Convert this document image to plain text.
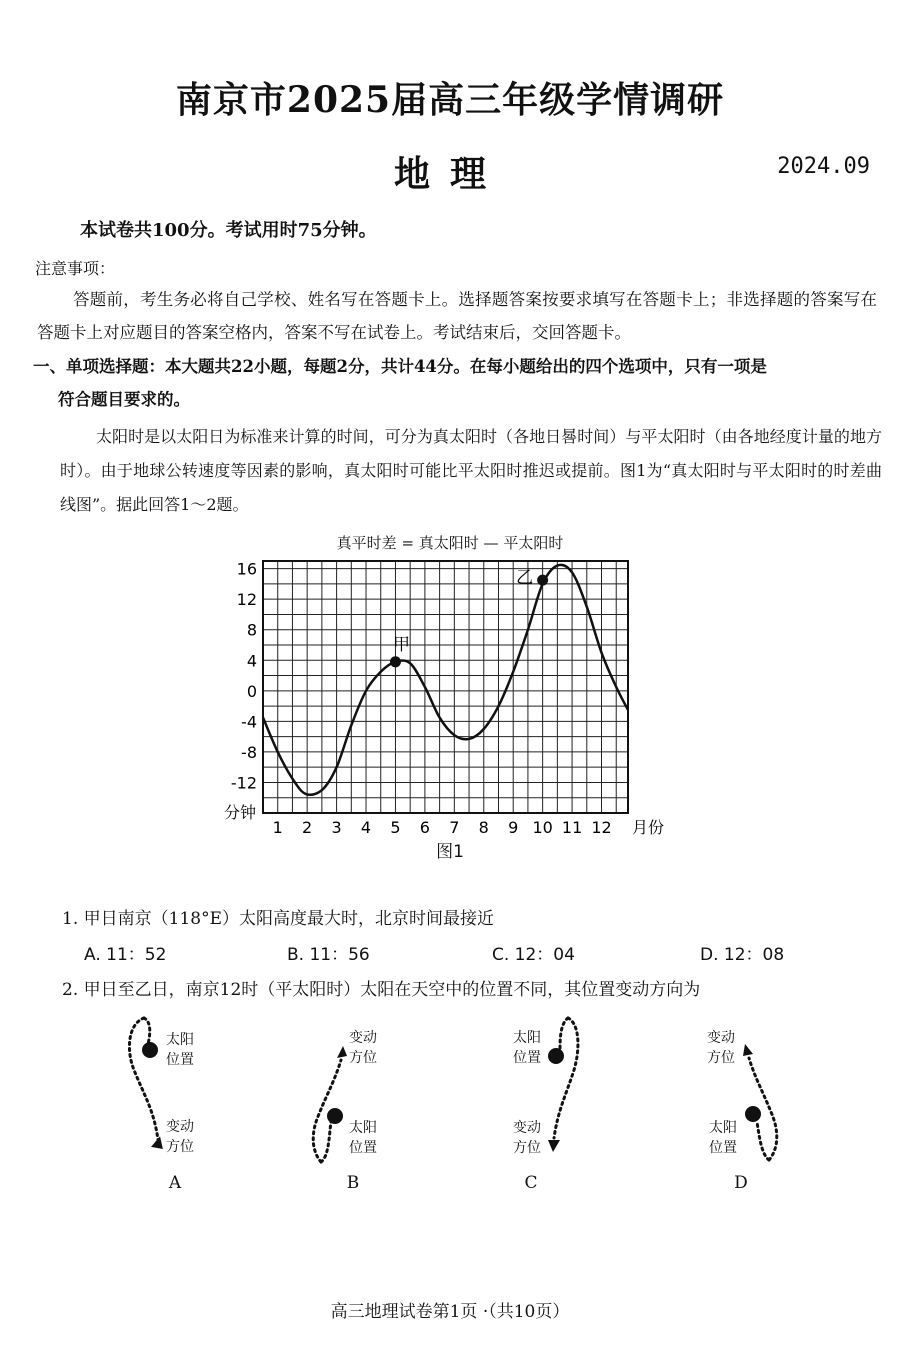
南京市2025届高三年级学情调研
地理	2024.09
本试卷共100分。考试用时75分钟。
注意事项：
答题前，考生务必将自己学校、姓名写在答题卡上。选择题答案按要求填写在答题卡上；非选择题的答案写在答题卡上对应题目的答案空格内，答案不写在试卷上。考试结束后，交回答题卡。
一、单项选择题：本大题共22小题，每题2分，共计44分。在每小题给出的四个选项中，只有一项是
符合题目要求的。
太阳时是以太阳日为标准来计算的时间，可分为真太阳时（各地日晷时间）与平太阳时（由各地经度计量的地方时）。由于地球公转速度等因素的影响，真太阳时可能比平太阳时推迟或提前。图1为“真太阳时与平太阳时的时差曲线图”。据此回答1～2题。
真平时差 = 真太阳时 — 平太阳时
16
12
8
4
0
-4
-8
-12
1 2 3 4 5 6 7 8 9 10 11 12
分钟
月份
甲
乙
图1
1. 甲日南京（118°E）太阳高度最大时，北京时间最接近
A. 11：52	B. 11：56	C. 12：04	D. 12：08
2. 甲日至乙日，南京12时（平太阳时）太阳在天空中的位置不同，其位置变动方向为
太阳
位置
变动
方位
A
变动
方位
太阳
位置
B
太阳
位置
变动
方位
C
变动
方位
太阳
位置
D
高三地理试卷第1页 ·（共10页）
